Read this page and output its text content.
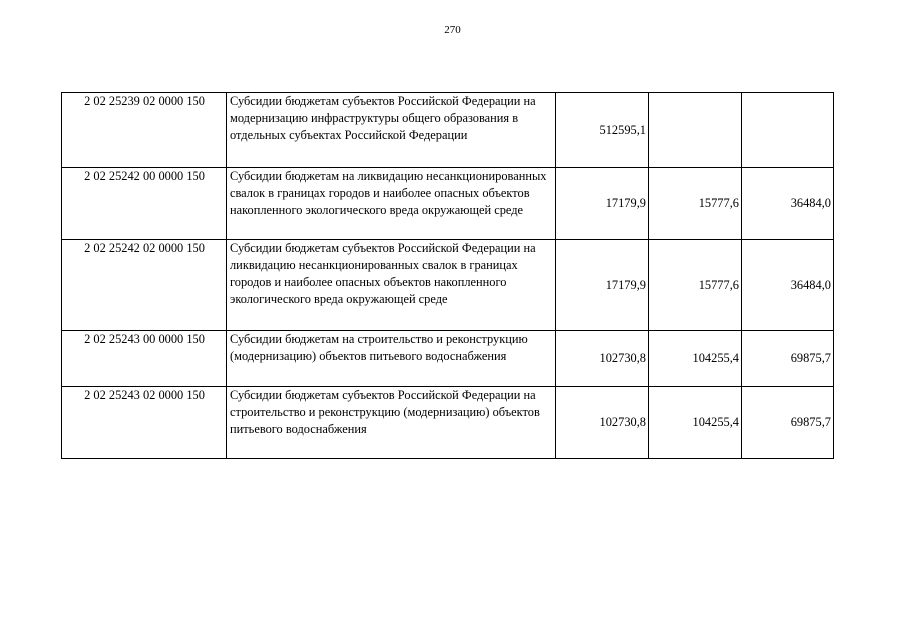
270
2 02 25239 02 0000 150	Субсидии бюджетам субъектов Российской Федерации на модернизацию инфраструктуры общего образования в отдельных субъектах Российской Федерации	512595,1		
2 02 25242 00 0000 150	Субсидии бюджетам на ликвидацию несанкционированных свалок в границах городов и наиболее опасных объектов накопленного экологического вреда окружающей среде	17179,9	15777,6	36484,0
2 02 25242 02 0000 150	Субсидии бюджетам субъектов Российской Федерации на ликвидацию несанкционированных свалок в границах городов и наиболее опасных объектов накопленного экологического вреда окружающей среде	17179,9	15777,6	36484,0
2 02 25243 00 0000 150	Субсидии бюджетам на строительство и реконструкцию (модернизацию) объектов питьевого водоснабжения	102730,8	104255,4	69875,7
2 02 25243 02 0000 150	Субсидии бюджетам субъектов Российской Федерации на строительство и реконструкцию (модернизацию) объектов питьевого водоснабжения	102730,8	104255,4	69875,7
